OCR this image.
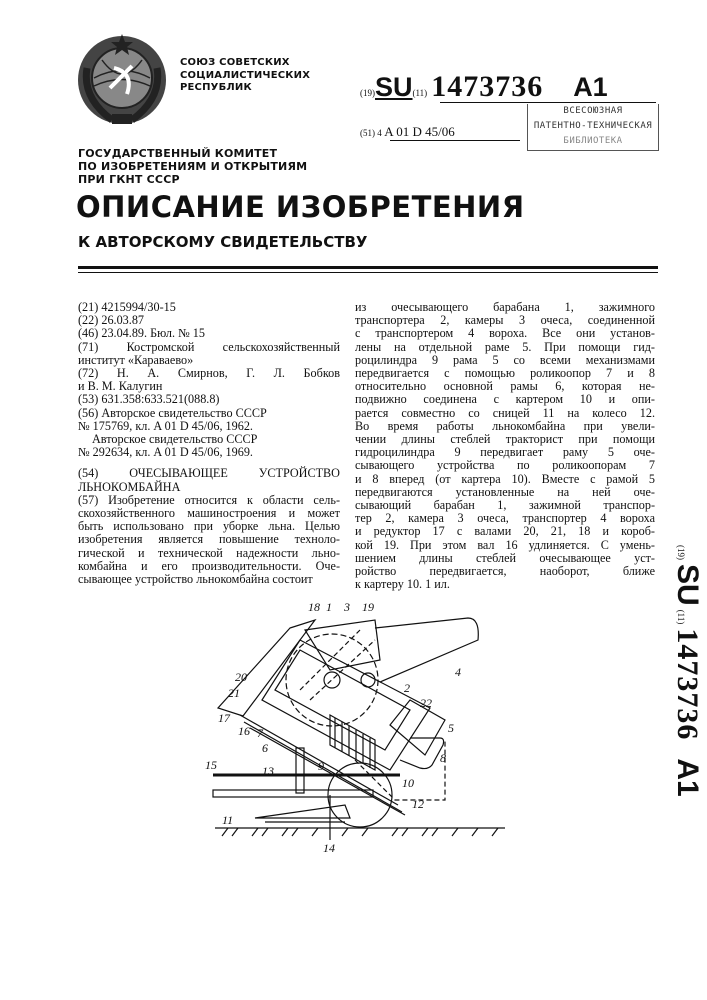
СОЮЗ СОВЕТСКИХ
СОЦИАЛИСТИЧЕСКИХ
РЕСПУБЛИК	(19)SU(11) 1473736 A1
(51) 4 A 01 D 45/06
ВСЕСОЮЗНАЯ
ПАТЕНТНО-ТЕХНИЧЕСКАЯ
БИБЛИОТЕКА
ГОСУДАРСТВЕННЫЙ КОМИТЕТ
ПО ИЗОБРЕТЕНИЯМ И ОТКРЫТИЯМ
ПРИ ГКНТ СССР
ОПИСАНИЕ ИЗОБРЕТЕНИЯ
К АВТОРСКОМУ СВИДЕТЕЛЬСТВУ
(21) 4215994/30-15
(22) 26.03.87
(46) 23.04.89. Бюл. № 15
(71) Костромской сельскохозяйственный
институт «Караваево»
(72) Н. А. Смирнов, Г. Л. Бобков
и В. М. Калугин
(53) 631.358:633.521(088.8)
(56) Авторское свидетельство СССР
№ 175769, кл. A 01 D 45/06, 1962.
Авторское свидетельство СССР
№ 292634, кл. A 01 D 45/06, 1969.
(54) ОЧЕСЫВАЮЩЕЕ УСТРОЙСТВО
ЛЬНОКОМБАЙНА
(57) Изобретение относится к области сель-
скохозяйственного машиностроения и может
быть использовано при уборке льна. Целью
изобретения является повышение техноло-
гической и технической надежности льно-
комбайна и его производительности. Оче-
сывающее устройство льнокомбайна состоит
из очесывающего барабана 1, зажимного
транспортера 2, камеры 3 очеса, соединенной
с транспортером 4 вороха. Все они установ-
лены на отдельной раме 5. При помощи гид-
роцилиндра 9 рама 5 со всеми механизмами
передвигается с помощью роликоопор 7 и 8
относительно основной рамы 6, которая не-
подвижно соединена с картером 10 и опи-
рается совместно со сницей 11 на колесо 12.
Во время работы льнокомбайна при увели-
чении длины стеблей тракторист при помощи
гидроцилиндра 9 передвигает раму 5 оче-
сывающего устройства по роликоопорам 7
и 8 вперед (от картера 10). Вместе с рамой 5
передвигаются установленные на ней оче-
сывающий барабан 1, зажимной транспор-
тер 2, камера 3 очеса, транспортер 4 вороха
и редуктор 17 с валами 20, 21, 18 и короб-
кой 19. При этом вал 16 удлиняется. С умень-
шением длины стеблей очесывающее уст-
ройство передвигается, наоборот, ближе
к картеру 10. 1 ил.
(19) SU (11) 1473736 A1
18 1 3 19
4
20
21	2
22
17
16 7
6
9
5
8
15	13
10
12
11
14
